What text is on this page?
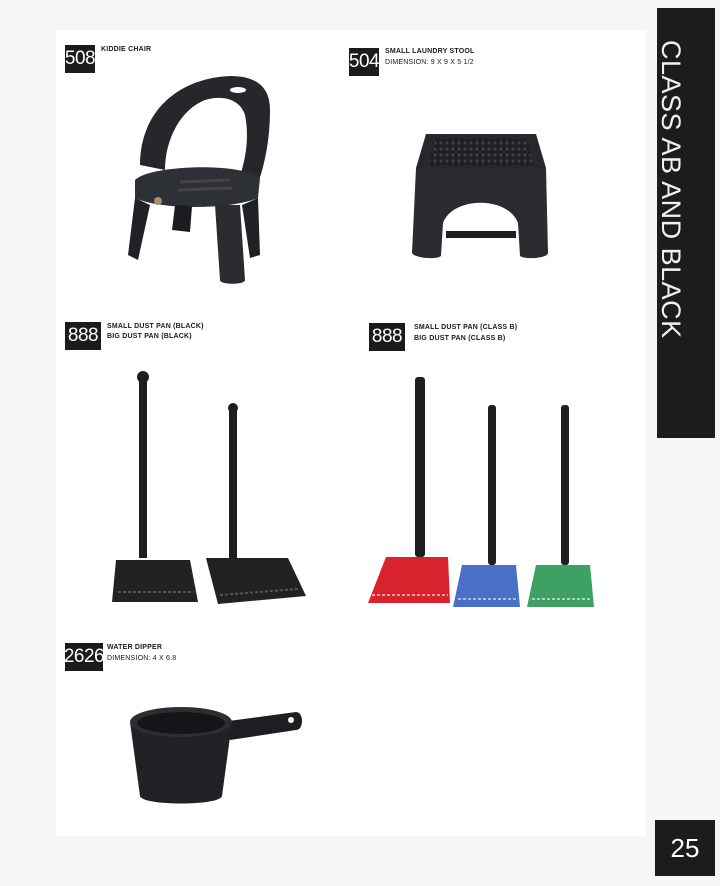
CLASS AB AND BLACK
508 KIDDIE CHAIR
504 SMALL LAUNDRY STOOL
DIMENSION: 9 X 9 X 5 1/2
888	SMALL DUST PAN (BLACK)
BIG DUST PAN (BLACK)	888	SMALL DUST PAN (CLASS B)
BIG DUST PAN (CLASS B)
2626 WATER DIPPER
DIMENSION: 4 X 6.8
25
